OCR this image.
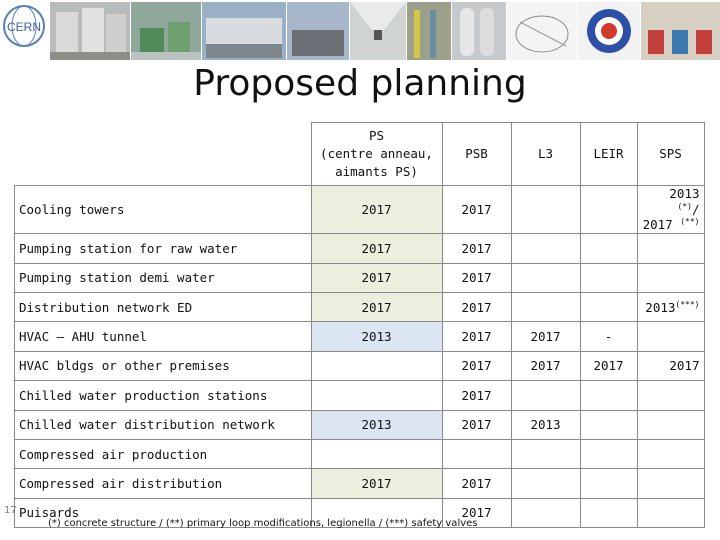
CERN
Proposed planning
	PS
(centre anneau,
aimants PS)	PSB	L3	LEIR	SPS
Cooling towers	2017	2017			2013 (*)/
2017 (**)
Pumping station for raw water	2017	2017			
Pumping station demi water	2017	2017			
Distribution network ED	2017	2017			2013(***)
HVAC – AHU tunnel	2013	2017	2017	-	
HVAC bldgs or other premises		2017	2017	2017	2017
Chilled water production stations		2017			
Chilled water distribution network	2013	2017	2013		
Compressed air production					
Compressed air distribution	2017	2017			
Puisards		2017			
17
(*) concrete structure / (**) primary loop modifications, legionella / (***) safety valves
